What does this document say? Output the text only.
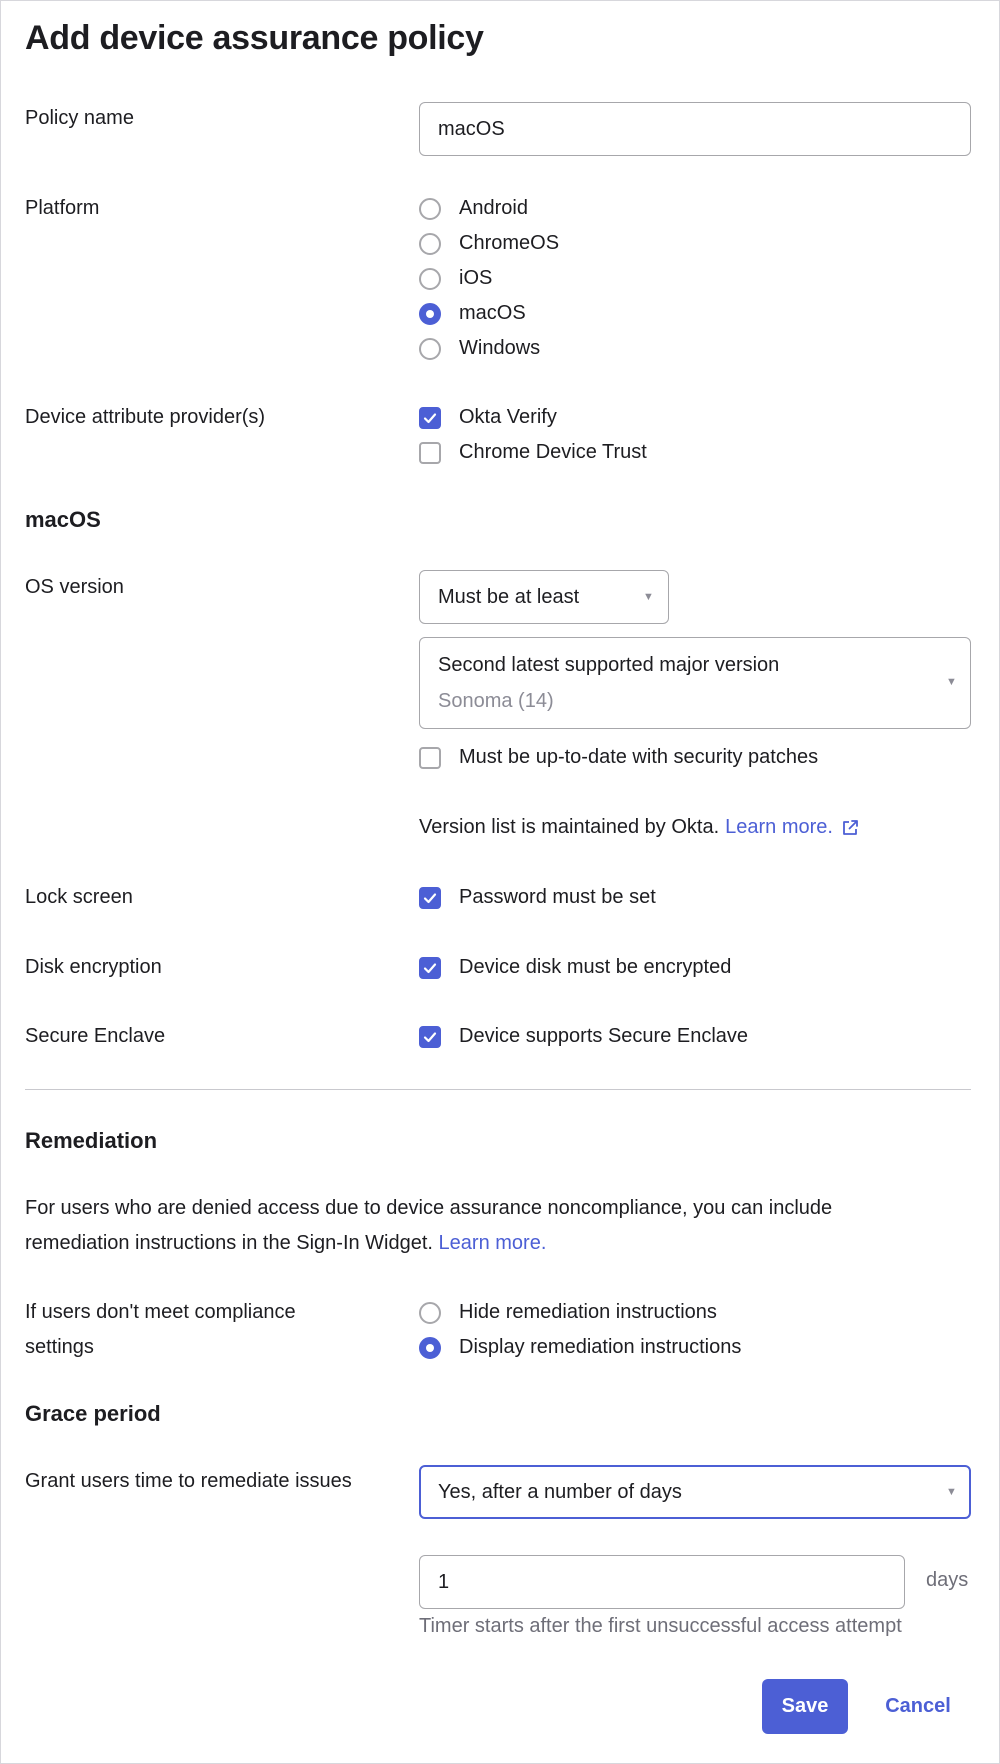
Add device assurance policy
Policy name	macOS
Platform	Android
ChromeOS
iOS
macOS
Windows
Device attribute provider(s)	Okta Verify
Chrome Device Trust
macOS
OS version	Must be at least	▼
Second latest supported major version
Sonoma (14)
▼
Must be up-to-date with security patches
Version list is maintained by Okta. Learn more.
Lock screen	Password must be set
Disk encryption	Device disk must be encrypted
Secure Enclave	Device supports Secure Enclave
Remediation
For users who are denied access due to device assurance noncompliance, you can include
remediation instructions in the Sign-In Widget. Learn more.
If users don't meet compliance
settings
Hide remediation instructions
Display remediation instructions
Grace period
Grant users time to remediate issues	Yes, after a number of days	▼
1	days
Timer starts after the first unsuccessful access attempt
Save	Cancel
